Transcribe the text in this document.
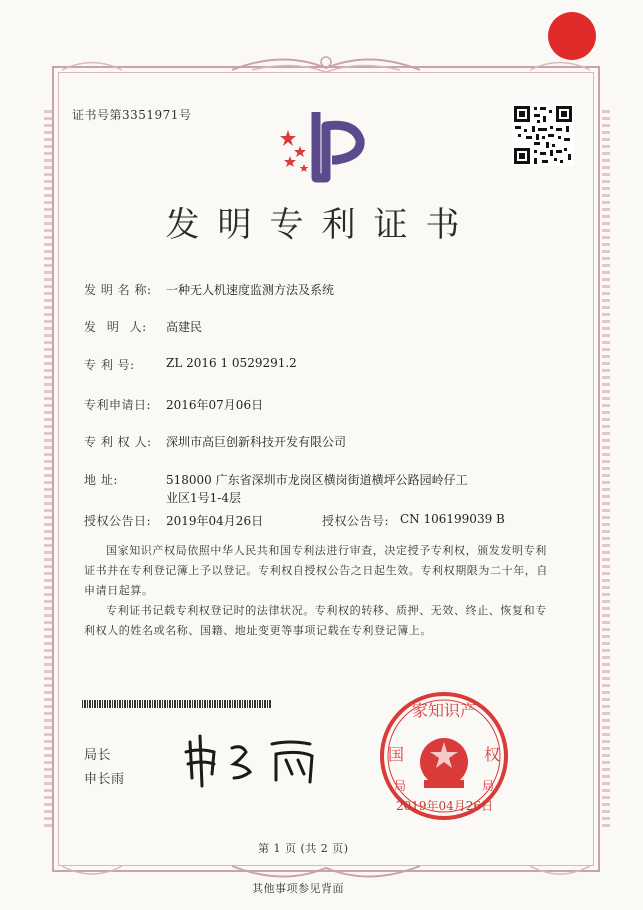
证书号第3351971号
发明专利证书
发 明 名 称: 一种无人机速度监测方法及系统
发 明 人: 高建民
专 利 号:	ZL 2016 1 0529291.2
专利申请日: 2016年07月06日
专 利 权 人: 深圳市高巨创新科技开发有限公司
地 址:	518000 广东省深圳市龙岗区横岗街道横坪公路园岭仔工
业区1号1-4层
授权公告日: 2019年04月26日	授权公告号: CN 106199039 B
国家知识产权局依照中华人民共和国专利法进行审查，决定授予专利权，颁发发明专利
证书并在专利登记簿上予以登记。专利权自授权公告之日起生效。专利权期限为二十年，自
申请日起算。
专利证书记载专利权登记时的法律状况。专利权的转移、质押、无效、终止、恢复和专
利权人的姓名或名称、国籍、地址变更等事项记载在专利登记簿上。
局长
申长雨
家知识产
国	权
局	局
2019年04月26日
第 1 页 (共 2 页)
其他事项参见背面
